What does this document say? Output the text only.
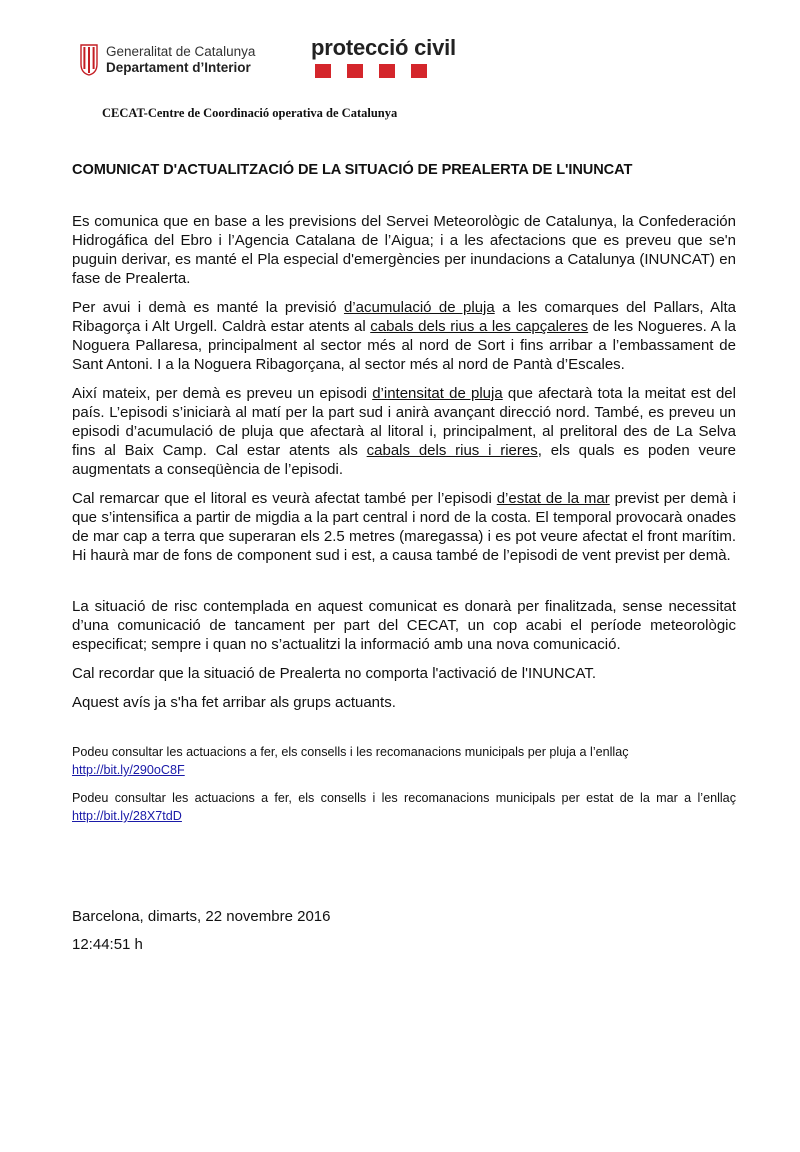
Generalitat de Catalunya
Departament d’Interior
protecció civil
CECAT-Centre de Coordinació operativa de Catalunya
COMUNICAT D'ACTUALITZACIÓ DE LA SITUACIÓ DE PREALERTA DE L'INUNCAT

Es comunica que en base a les previsions del Servei Meteorològic de Catalunya, la Confederación Hidrogáfica del Ebro i l’Agencia Catalana de l’Aigua; i a les afectacions que es preveu que se'n puguin derivar, es manté el Pla especial d'emergències per inundacions a Catalunya (INUNCAT) en fase de Prealerta.

Per avui i demà es manté la previsió d’acumulació de pluja a les comarques del Pallars, Alta Ribagorça i Alt Urgell. Caldrà estar atents al cabals dels rius a les capçaleres de les Nogueres. A la Noguera Pallaresa, principalment al sector més al nord de Sort i fins arribar a l’embassament de Sant Antoni. I a la Noguera Ribagorçana, al sector més al nord de Pantà d’Escales.

Així mateix, per demà es preveu un episodi d’intensitat de pluja que afectarà tota la meitat est del país. L’episodi s’iniciarà al matí per la part sud i anirà avançant direcció nord. També, es preveu un episodi d’acumulació de pluja que afectarà al litoral i, principalment, al prelitoral des de La Selva fins al Baix Camp. Cal estar atents als cabals dels rius i rieres, els quals es poden veure augmentats a conseqüència de l’episodi.

Cal remarcar que el litoral es veurà afectat també per l’episodi d’estat de la mar previst per demà i que s’intensifica a partir de migdia a la part central i nord de la costa. El temporal provocarà onades de mar cap a terra que superaran els 2.5 metres (maregassa) i es pot veure afectat el front marítim. Hi haurà mar de fons de component sud i est, a causa també de l’episodi de vent previst per demà.

La situació de risc contemplada en aquest comunicat es donarà per finalitzada, sense necessitat d’una comunicació de tancament per part del CECAT, un cop acabi el període meteorològic especificat; sempre i quan no s’actualitzi la informació amb una nova comunicació.

Cal recordar que la situació de Prealerta no comporta l'activació de l'INUNCAT.

Aquest avís ja s'ha fet arribar als grups actuants.

Podeu consultar les actuacions a fer, els consells i les recomanacions municipals per pluja a l’enllaç
http://bit.ly/290oC8F

Podeu consultar les actuacions a fer, els consells i les recomanacions municipals per estat de la mar a l’enllaç http://bit.ly/28X7tdD

Barcelona, dimarts, 22 novembre 2016
12:44:51 h
